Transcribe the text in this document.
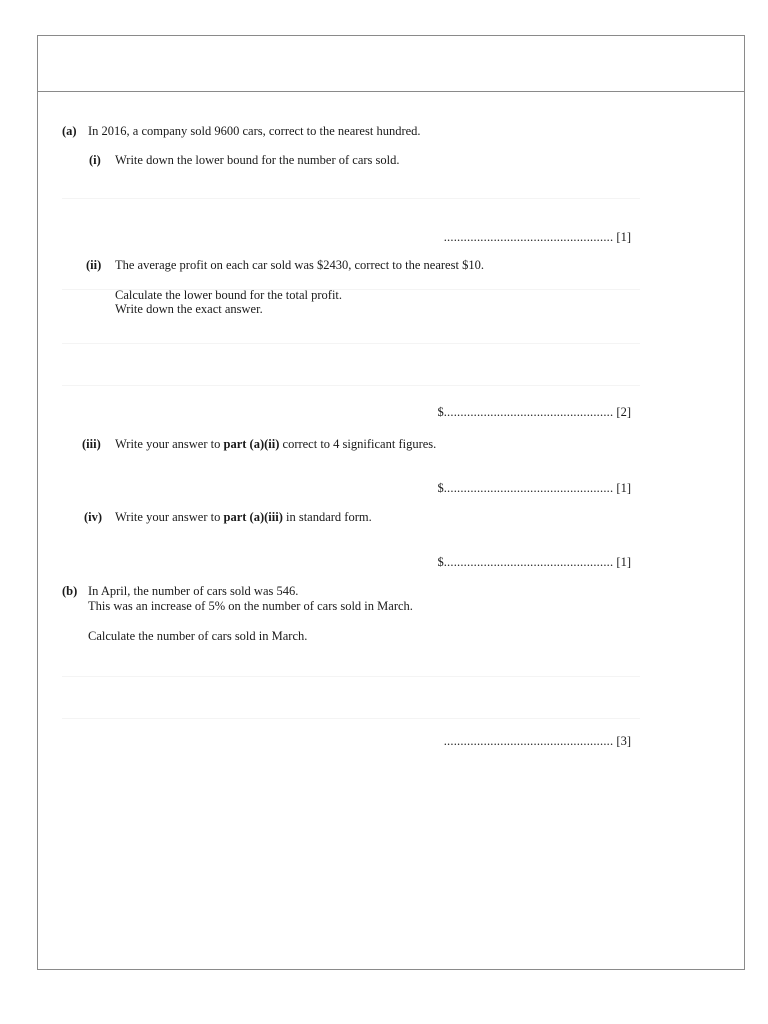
(a) In 2016, a company sold 9600 cars, correct to the nearest hundred.
(i) Write down the lower bound for the number of cars sold.
................................................... [1]
(ii) The average profit on each car sold was $2430, correct to the nearest $10.
Calculate the lower bound for the total profit.
Write down the exact answer.
$................................................... [2]
(iii) Write your answer to part (a)(ii) correct to 4 significant figures.
$................................................... [1]
(iv) Write your answer to part (a)(iii) in standard form.
$................................................... [1]
(b) In April, the number of cars sold was 546.
This was an increase of 5% on the number of cars sold in March.
Calculate the number of cars sold in March.
................................................... [3]
